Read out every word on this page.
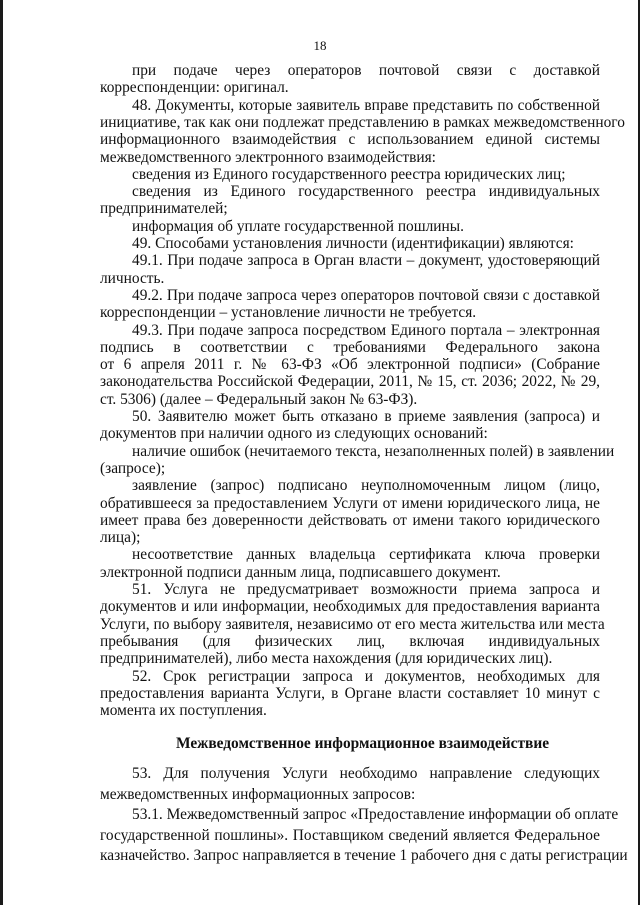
18
при подаче через операторов почтовой связи с доставкой
корреспонденции: оригинал.
48. Документы, которые заявитель вправе представить по собственной
инициативе, так как они подлежат представлению в рамках межведомственного
информационного взаимодействия с использованием единой системы
межведомственного электронного взаимодействия:
сведения из Единого государственного реестра юридических лиц;
сведения из Единого государственного реестра индивидуальных
предпринимателей;
информация об уплате государственной пошлины.
49. Способами установления личности (идентификации) являются:
49.1. При подаче запроса в Орган власти – документ, удостоверяющий
личность.
49.2. При подаче запроса через операторов почтовой связи с доставкой
корреспонденции – установление личности не требуется.
49.3. При подаче запроса посредством Единого портала – электронная
подпись в соответствии с требованиями Федерального закона
от 6 апреля 2011 г. № 63-ФЗ «Об электронной подписи» (Собрание
законодательства Российской Федерации, 2011, № 15, ст. 2036; 2022, № 29,
ст. 5306) (далее – Федеральный закон № 63-ФЗ).
50. Заявителю может быть отказано в приеме заявления (запроса) и
документов при наличии одного из следующих оснований:
наличие ошибок (нечитаемого текста, незаполненных полей) в заявлении
(запросе);
заявление (запрос) подписано неуполномоченным лицом (лицо,
обратившееся за предоставлением Услуги от имени юридического лица, не
имеет права без доверенности действовать от имени такого юридического
лица);
несоответствие данных владельца сертификата ключа проверки
электронной подписи данным лица, подписавшего документ.
51. Услуга не предусматривает возможности приема запроса и
документов и или информации, необходимых для предоставления варианта
Услуги, по выбору заявителя, независимо от его места жительства или места
пребывания (для физических лиц, включая индивидуальных
предпринимателей), либо места нахождения (для юридических лиц).
52. Срок регистрации запроса и документов, необходимых для
предоставления варианта Услуги, в Органе власти составляет 10 минут с
момента их поступления.
Межведомственное информационное взаимодействие
53. Для получения Услуги необходимо направление следующих
межведомственных информационных запросов:
53.1. Межведомственный запрос «Предоставление информации об оплате
государственной пошлины». Поставщиком сведений является Федеральное
казначейство. Запрос направляется в течение 1 рабочего дня с даты регистрации
